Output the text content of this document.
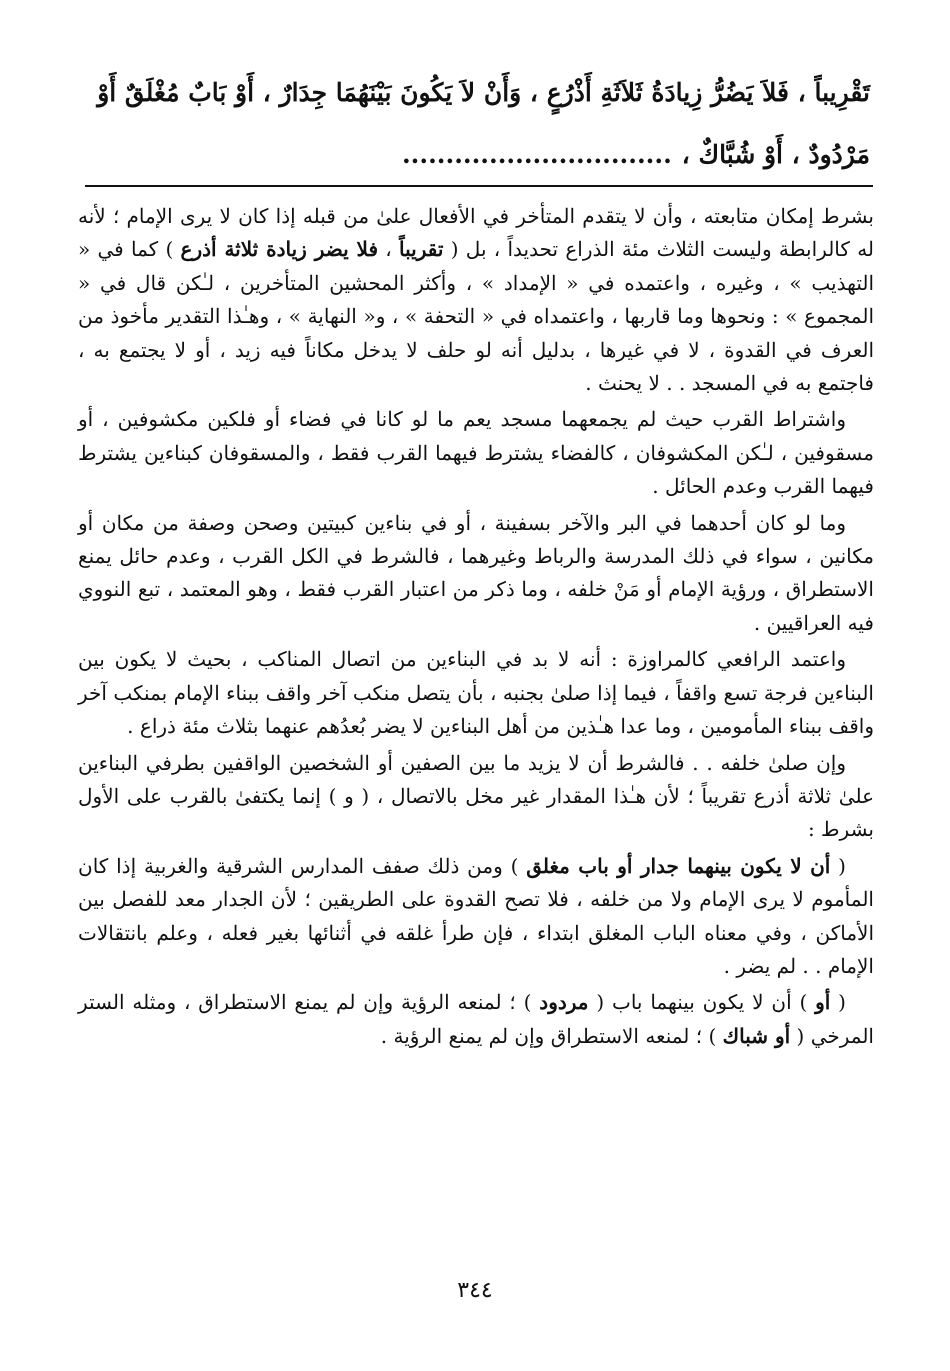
تَقْرِيباً ، فَلاَ يَضُرُّ زِيادَةُ ثَلاَثَةِ أَذْرُعٍ ، وَأَنْ لاَ يَكُونَ بَيْنَهُمَا جِدَارٌ ، أَوْ بَابٌ مُغْلَقٌ أَوْ

مَرْدُودٌ ، أَوْ شُبَّاكٌ ،...............................

بشرط إمكان متابعته ، وأن لا يتقدم المتأخر في الأفعال علىٰ من قبله إذا كان لا يرى الإمام ؛ لأنه له كالرابطة وليست الثلاث مئة الذراع تحديداً ، بل ( تقريباً ، فلا يضر زيادة ثلاثة أذرع ) كما في « التهذيب » ، وغيره ، واعتمده في « الإمداد » ، وأكثر المحشين المتأخرين ، لـٰكن قال في « المجموع » : ونحوها وما قاربها ، واعتمداه في « التحفة » ، و« النهاية » ، وهـٰذا التقدير مأخوذ من العرف في القدوة ، لا في غيرها ، بدليل أنه لو حلف لا يدخل مكاناً فيه زيد ، أو لا يجتمع به ، فاجتمع به في المسجد . . لا يحنث .

واشتراط القرب حيث لم يجمعهما مسجد يعم ما لو كانا في فضاء أو فلكين مكشوفين ، أو مسقوفين ، لـٰكن المكشوفان ، كالفضاء يشترط فيهما القرب فقط ، والمسقوفان كبناءين يشترط فيهما القرب وعدم الحائل .

وما لو كان أحدهما في البر والآخر بسفينة ، أو في بناءين كبيتين وصحن وصفة من مكان أو مكانين ، سواء في ذلك المدرسة والرباط وغيرهما ، فالشرط في الكل القرب ، وعدم حائل يمنع الاستطراق ، ورؤية الإمام أو مَنْ خلفه ، وما ذكر من اعتبار القرب فقط ، وهو المعتمد ، تبع النووي فيه العراقيين .

واعتمد الرافعي كالمراوزة : أنه لا بد في البناءين من اتصال المناكب ، بحيث لا يكون بين البناءين فرجة تسع واقفاً ، فيما إذا صلىٰ بجنبه ، بأن يتصل منكب آخر واقف ببناء الإمام بمنكب آخر واقف ببناء المأمومين ، وما عدا هـٰذين من أهل البناءين لا يضر بُعدُهم عنهما بثلاث مئة ذراع .

وإن صلىٰ خلفه . . فالشرط أن لا يزيد ما بين الصفين أو الشخصين الواقفين بطرفي البناءين علىٰ ثلاثة أذرع تقريباً ؛ لأن هـٰذا المقدار غير مخل بالاتصال ، ( و ) إنما يكتفىٰ بالقرب على الأول بشرط :

( أن لا يكون بينهما جدار أو باب مغلق ) ومن ذلك صفف المدارس الشرقية والغربية إذا كان المأموم لا يرى الإمام ولا من خلفه ، فلا تصح القدوة على الطريقين ؛ لأن الجدار معد للفصل بين الأماكن ، وفي معناه الباب المغلق ابتداء ، فإن طرأ غلقه في أثنائها بغير فعله ، وعلم بانتقالات الإمام . . لم يضر .

( أو ) أن لا يكون بينهما باب ( مردود ) ؛ لمنعه الرؤية وإن لم يمنع الاستطراق ، ومثله الستر المرخي ( أو شباك ) ؛ لمنعه الاستطراق وإن لم يمنع الرؤية .

٣٤٤
